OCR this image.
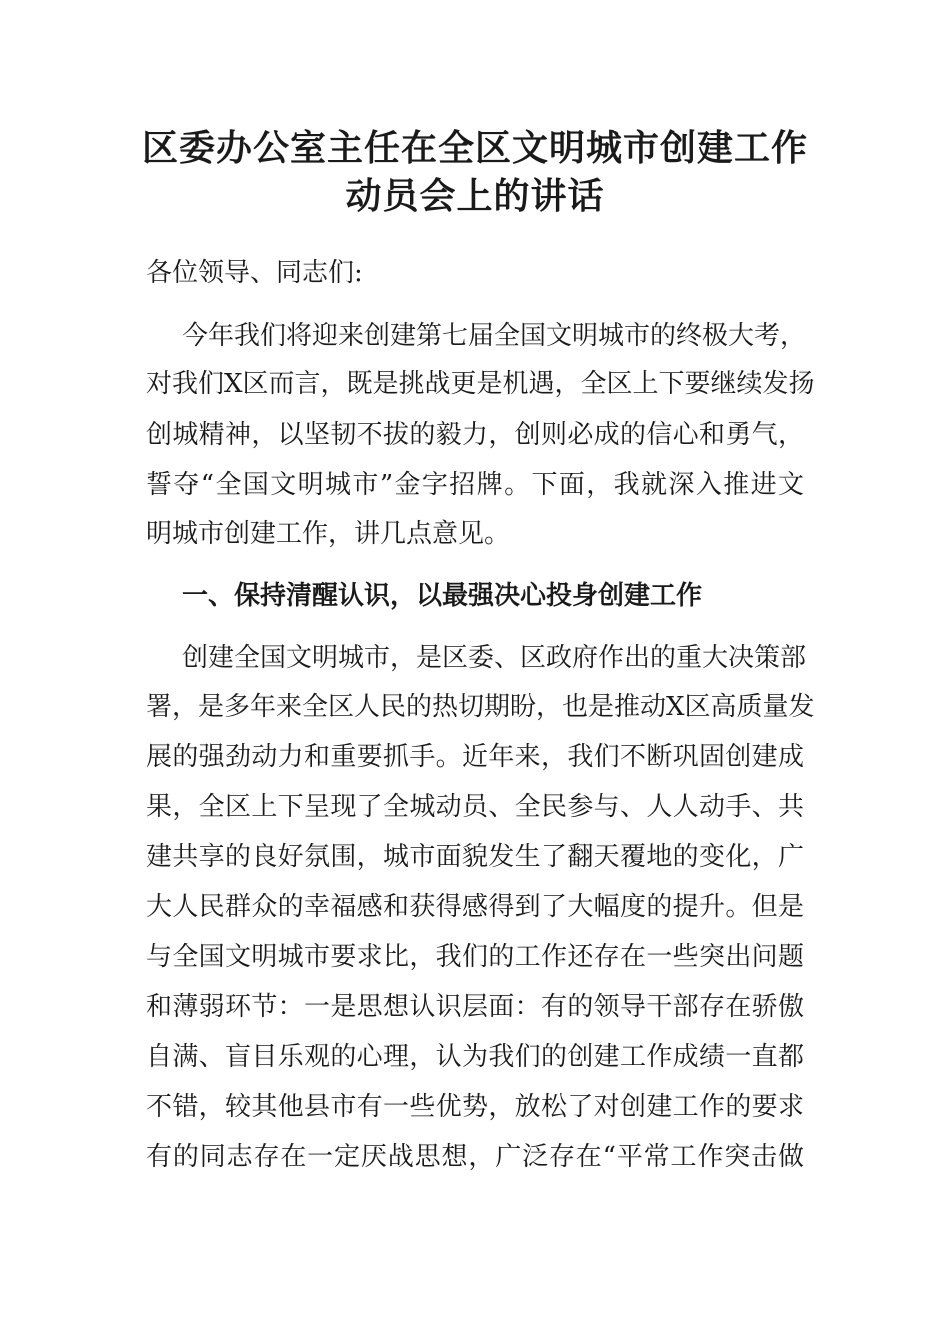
区委办公室主任在全区文明城市创建工作
动员会上的讲话

各位领导、同志们:

今年我们将迎来创建第七届全国文明城市的终极大考，

对我们X区而言，既是挑战更是机遇，全区上下要继续发扬

创城精神，以坚韧不拔的毅力，创则必成的信心和勇气，

誓夺“全国文明城市”金字招牌。下面，我就深入推进文

明城市创建工作，讲几点意见。

一、保持清醒认识，以最强决心投身创建工作

创建全国文明城市，是区委、区政府作出的重大决策部

署，是多年来全区人民的热切期盼，也是推动X区高质量发

展的强劲动力和重要抓手。近年来，我们不断巩固创建成

果，全区上下呈现了全城动员、全民参与、人人动手、共

建共享的良好氛围，城市面貌发生了翻天覆地的变化，广

大人民群众的幸福感和获得感得到了大幅度的提升。但是

与全国文明城市要求比，我们的工作还存在一些突出问题

和薄弱环节：一是思想认识层面：有的领导干部存在骄傲

自满、盲目乐观的心理，认为我们的创建工作成绩一直都

不错，较其他县市有一些优势，放松了对创建工作的要求

有的同志存在一定厌战思想，广泛存在“平常工作突击做
